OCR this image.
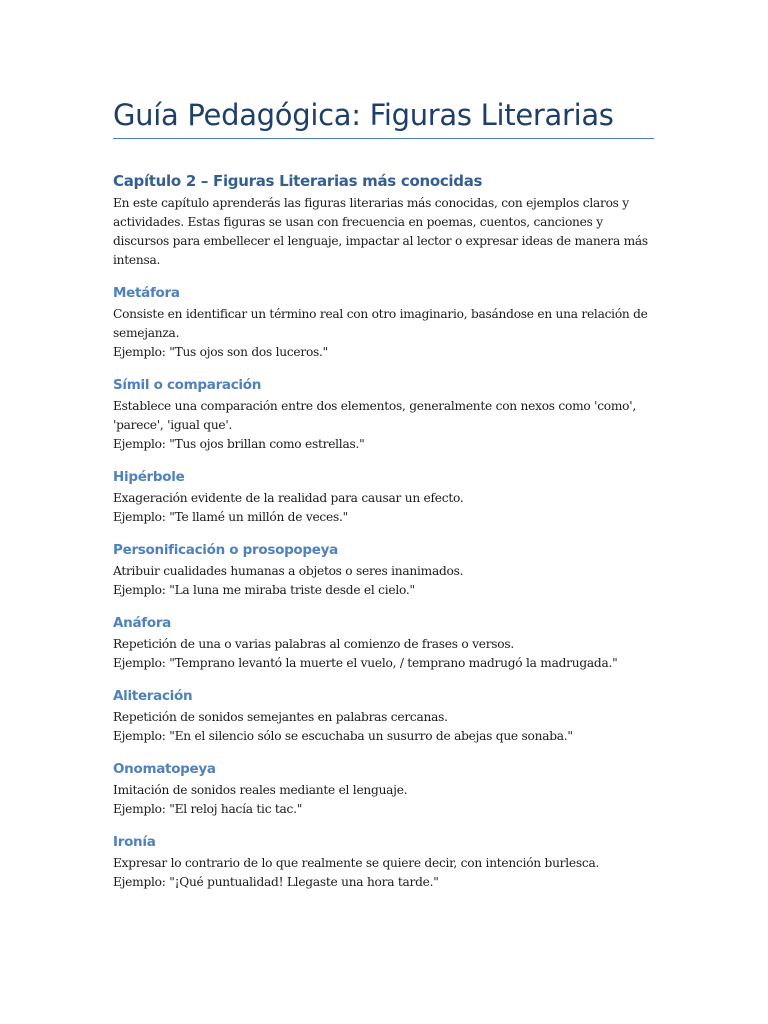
Guía Pedagógica: Figuras Literarias
Capítulo 2 – Figuras Literarias más conocidas

En este capítulo aprenderás las figuras literarias más conocidas, con ejemplos claros y actividades. Estas figuras se usan con frecuencia en poemas, cuentos, canciones y discursos para embellecer el lenguaje, impactar al lector o expresar ideas de manera más intensa.

Metáfora

Consiste en identificar un término real con otro imaginario, basándose en una relación de semejanza.

Ejemplo: "Tus ojos son dos luceros."

Símil o comparación

Establece una comparación entre dos elementos, generalmente con nexos como 'como', 'parece', 'igual que'.

Ejemplo: "Tus ojos brillan como estrellas."

Hipérbole

Exageración evidente de la realidad para causar un efecto.

Ejemplo: "Te llamé un millón de veces."

Personificación o prosopopeya

Atribuir cualidades humanas a objetos o seres inanimados.

Ejemplo: "La luna me miraba triste desde el cielo."

Anáfora

Repetición de una o varias palabras al comienzo de frases o versos.

Ejemplo: "Temprano levantó la muerte el vuelo, / temprano madrugó la madrugada."

Aliteración

Repetición de sonidos semejantes en palabras cercanas.

Ejemplo: "En el silencio sólo se escuchaba un susurro de abejas que sonaba."

Onomatopeya

Imitación de sonidos reales mediante el lenguaje.

Ejemplo: "El reloj hacía tic tac."

Ironía

Expresar lo contrario de lo que realmente se quiere decir, con intención burlesca.

Ejemplo: "¡Qué puntualidad! Llegaste una hora tarde."
